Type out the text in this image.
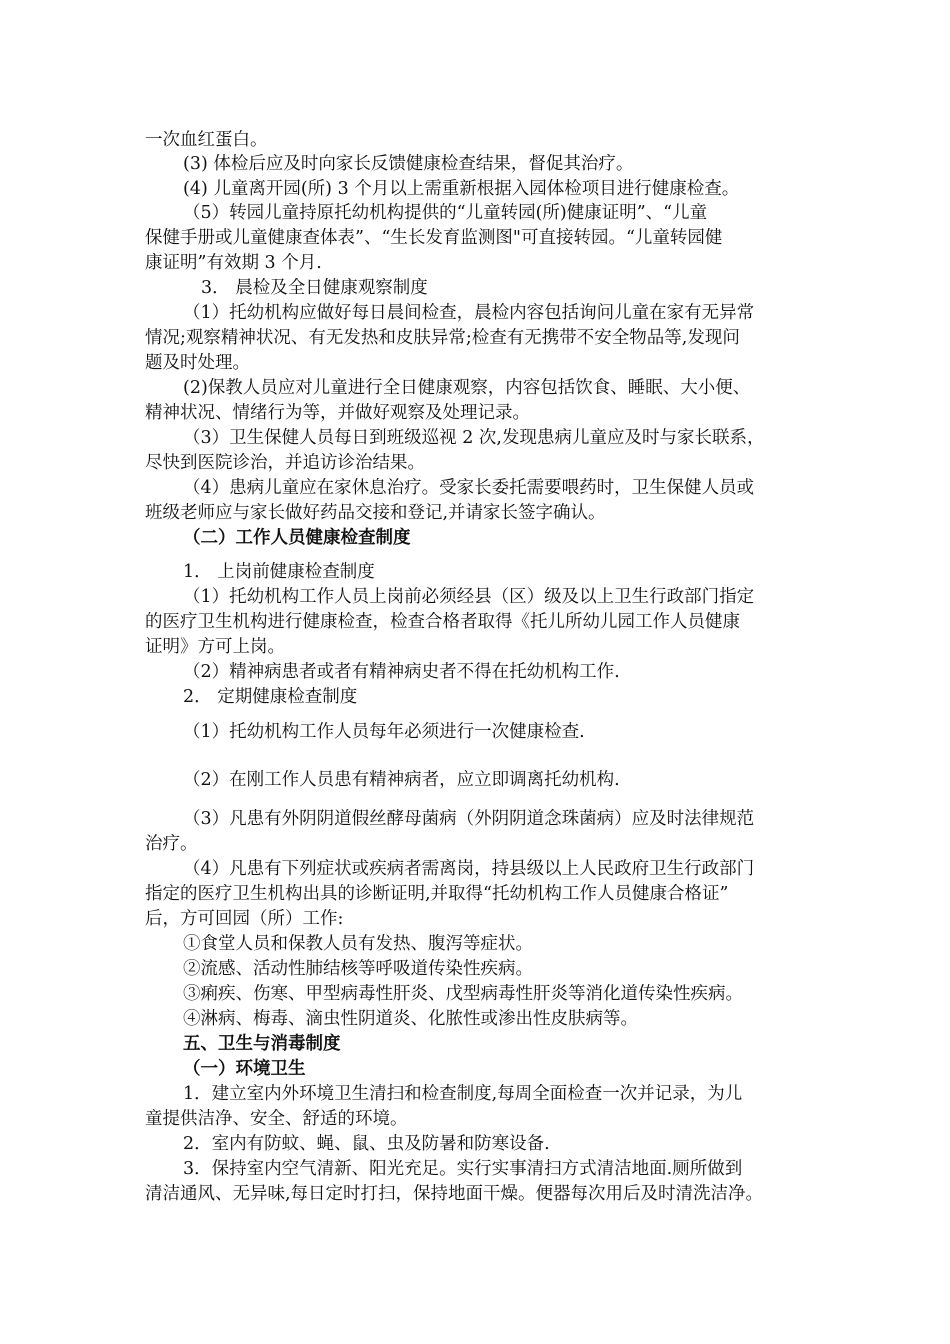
一次血红蛋白。
(3) 体检后应及时向家长反馈健康检查结果，督促其治疗。
(4) 儿童离开园(所) 3 个月以上需重新根据入园体检项目进行健康检查。
（5）转园儿童持原托幼机构提供的“儿童转园(所)健康证明”、“儿童
保健手册或儿童健康查体表”、“生长发育监测图"可直接转园。“儿童转园健
康证明”有效期 3 个月.
3． 晨检及全日健康观察制度
（1）托幼机构应做好每日晨间检查，晨检内容包括询问儿童在家有无异常
情况;观察精神状况、有无发热和皮肤异常;检查有无携带不安全物品等,发现问
题及时处理。
(2)保教人员应对儿童进行全日健康观察，内容包括饮食、睡眠、大小便、
精神状况、情绪行为等，并做好观察及处理记录。
（3）卫生保健人员每日到班级巡视 2 次,发现患病儿童应及时与家长联系，
尽快到医院诊治，并追访诊治结果。
（4）患病儿童应在家休息治疗。受家长委托需要喂药时，卫生保健人员或
班级老师应与家长做好药品交接和登记,并请家长签字确认。
（二）工作人员健康检查制度
1． 上岗前健康检查制度
（1）托幼机构工作人员上岗前必须经县（区）级及以上卫生行政部门指定
的医疗卫生机构进行健康检查，检查合格者取得《托儿所幼儿园工作人员健康
证明》方可上岗。
（2）精神病患者或者有精神病史者不得在托幼机构工作.
2． 定期健康检查制度
（1）托幼机构工作人员每年必须进行一次健康检查.
（2）在刚工作人员患有精神病者，应立即调离托幼机构.
（3）凡患有外阴阴道假丝酵母菌病（外阴阴道念珠菌病）应及时法律规范
治疗。
（4）凡患有下列症状或疾病者需离岗，持县级以上人民政府卫生行政部门
指定的医疗卫生机构出具的诊断证明,并取得“托幼机构工作人员健康合格证”
后，方可回园（所）工作:
①食堂人员和保教人员有发热、腹泻等症状。
②流感、活动性肺结核等呼吸道传染性疾病。
③痢疾、伤寒、甲型病毒性肝炎、戊型病毒性肝炎等消化道传染性疾病。
④淋病、梅毒、滴虫性阴道炎、化脓性或渗出性皮肤病等。
五、卫生与消毒制度
（一）环境卫生
1．建立室内外环境卫生清扫和检查制度,每周全面检查一次并记录，为儿
童提供洁净、安全、舒适的环境。
2．室内有防蚊、蝇、鼠、虫及防暑和防寒设备.
3．保持室内空气清新、阳光充足。实行实事清扫方式清洁地面.厕所做到
清洁通风、无异味,每日定时打扫，保持地面干燥。便器每次用后及时清洗洁净。
